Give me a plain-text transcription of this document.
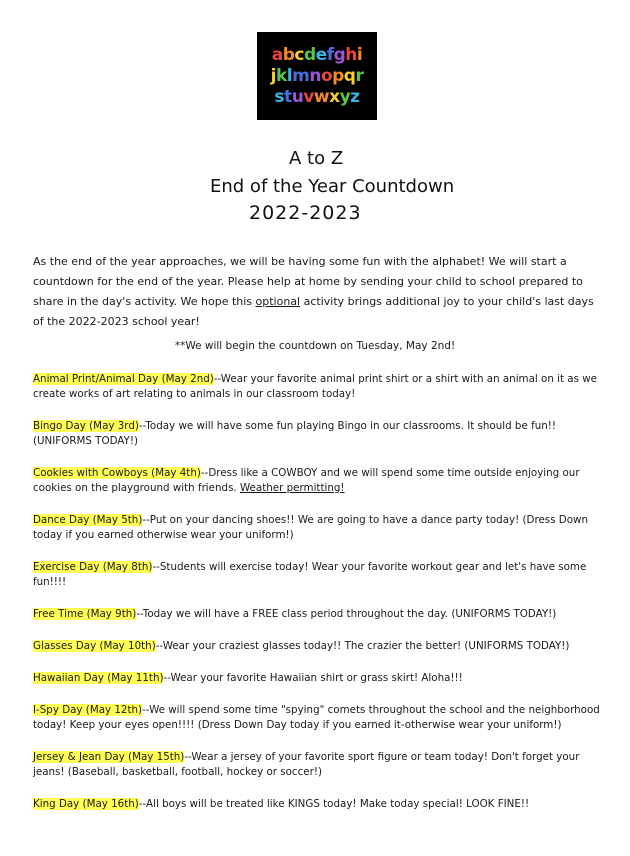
abcdefghi
jklmnopqr
stuvwxyz
A to Z
End of the Year Countdown
2022-2023
As the end of the year approaches, we will be having some fun with the alphabet! We will start a countdown for the end of the year. Please help at home by sending your child to school prepared to share in the day's activity. We hope this optional activity brings additional joy to your child's last days of the 2022-2023 school year!
**We will begin the countdown on Tuesday, May 2nd!
Animal Print/Animal Day (May 2nd)--Wear your favorite animal print shirt or a shirt with an animal on it as we create works of art relating to animals in our classroom today!
Bingo Day (May 3rd)--Today we will have some fun playing Bingo in our classrooms. It should be fun!! (UNIFORMS TODAY!)
Cookies with Cowboys (May 4th)--Dress like a COWBOY and we will spend some time outside enjoying our cookies on the playground with friends. Weather permitting!
Dance Day (May 5th)--Put on your dancing shoes!! We are going to have a dance party today! (Dress Down today if you earned otherwise wear your uniform!)
Exercise Day (May 8th)--Students will exercise today! Wear your favorite workout gear and let's have some fun!!!!
Free Time (May 9th)--Today we will have a FREE class period throughout the day. (UNIFORMS TODAY!)
Glasses Day (May 10th)--Wear your craziest glasses today!! The crazier the better! (UNIFORMS TODAY!)
Hawaiian Day (May 11th)--Wear your favorite Hawaiian shirt or grass skirt! Aloha!!!
I-Spy Day (May 12th)--We will spend some time "spying" comets throughout the school and the neighborhood today! Keep your eyes open!!!! (Dress Down Day today if you earned it-otherwise wear your uniform!)
Jersey & Jean Day (May 15th)--Wear a jersey of your favorite sport figure or team today! Don't forget your jeans! (Baseball, basketball, football, hockey or soccer!)
King Day (May 16th)--All boys will be treated like KINGS today! Make today special! LOOK FINE!!
